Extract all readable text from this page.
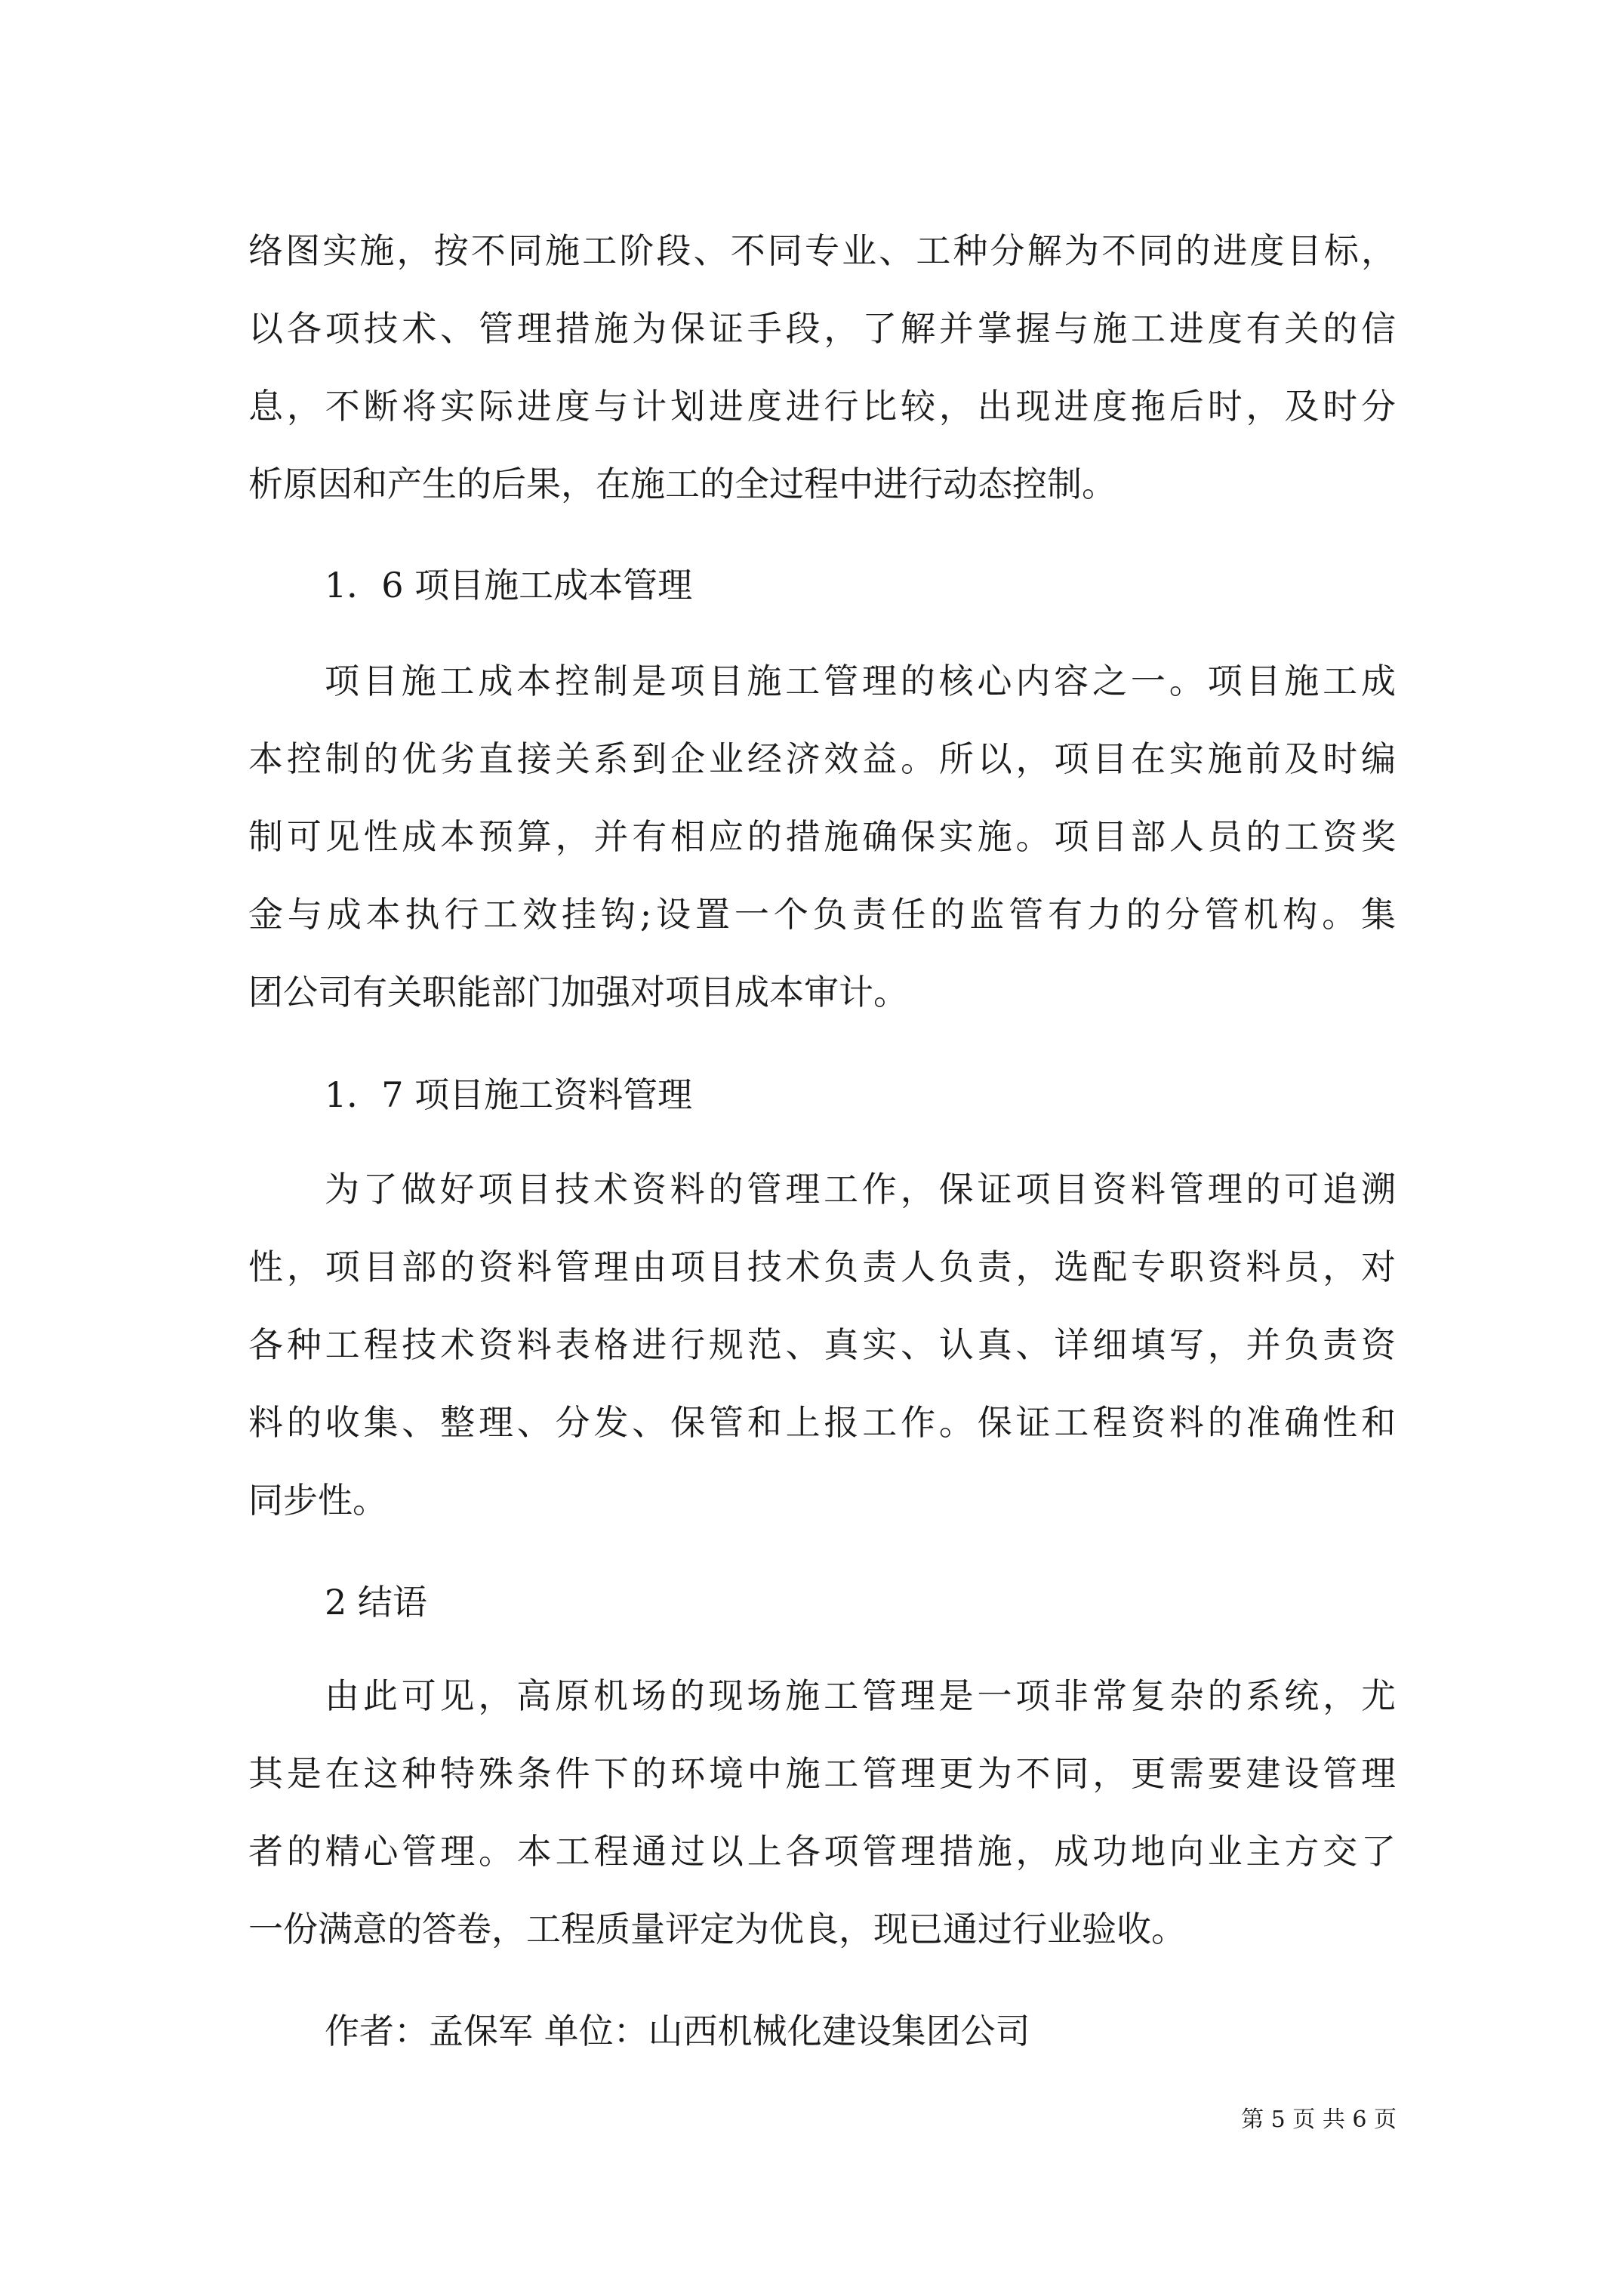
络图实施，按不同施工阶段、不同专业、工种分解为不同的进度目标，
以各项技术、管理措施为保证手段，了解并掌握与施工进度有关的信
息，不断将实际进度与计划进度进行比较，出现进度拖后时，及时分
析原因和产生的后果，在施工的全过程中进行动态控制。
1．6 项目施工成本管理
项目施工成本控制是项目施工管理的核心内容之一。项目施工成
本控制的优劣直接关系到企业经济效益。所以，项目在实施前及时编
制可见性成本预算，并有相应的措施确保实施。项目部人员的工资奖
金与成本执行工效挂钩;设置一个负责任的监管有力的分管机构。集
团公司有关职能部门加强对项目成本审计。
1．7 项目施工资料管理
为了做好项目技术资料的管理工作，保证项目资料管理的可追溯
性，项目部的资料管理由项目技术负责人负责，选配专职资料员，对
各种工程技术资料表格进行规范、真实、认真、详细填写，并负责资
料的收集、整理、分发、保管和上报工作。保证工程资料的准确性和
同步性。
2 结语
由此可见，高原机场的现场施工管理是一项非常复杂的系统，尤
其是在这种特殊条件下的环境中施工管理更为不同，更需要建设管理
者的精心管理。本工程通过以上各项管理措施，成功地向业主方交了
一份满意的答卷，工程质量评定为优良，现已通过行业验收。
作者：孟保军 单位：山西机械化建设集团公司
第 5 页 共 6 页
